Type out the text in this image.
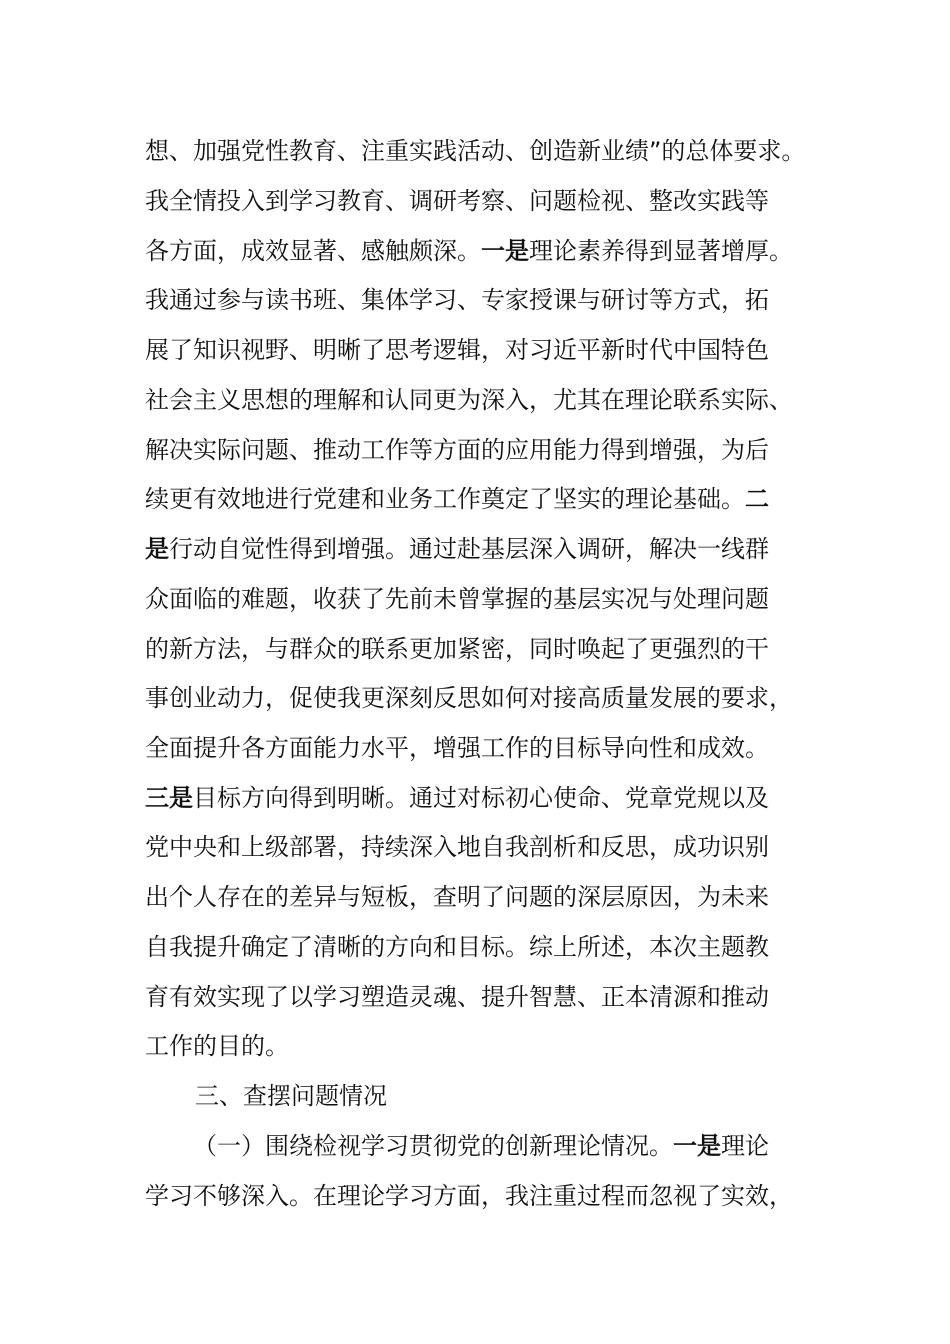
想、加强党性教育、注重实践活动、创造新业绩”的总体要求。
我全情投入到学习教育、调研考察、问题检视、整改实践等
各方面，成效显著、感触颇深。一是理论素养得到显著增厚。
我通过参与读书班、集体学习、专家授课与研讨等方式，拓
展了知识视野、明晰了思考逻辑，对习近平新时代中国特色
社会主义思想的理解和认同更为深入，尤其在理论联系实际、
解决实际问题、推动工作等方面的应用能力得到增强，为后
续更有效地进行党建和业务工作奠定了坚实的理论基础。二
是行动自觉性得到增强。通过赴基层深入调研，解决一线群
众面临的难题，收获了先前未曾掌握的基层实况与处理问题
的新方法，与群众的联系更加紧密，同时唤起了更强烈的干
事创业动力，促使我更深刻反思如何对接高质量发展的要求，
全面提升各方面能力水平，增强工作的目标导向性和成效。
三是目标方向得到明晰。通过对标初心使命、党章党规以及
党中央和上级部署，持续深入地自我剖析和反思，成功识别
出个人存在的差异与短板，查明了问题的深层原因，为未来
自我提升确定了清晰的方向和目标。综上所述，本次主题教
育有效实现了以学习塑造灵魂、提升智慧、正本清源和推动
工作的目的。
三、查摆问题情况
（一）围绕检视学习贯彻党的创新理论情况。一是理论
学习不够深入。在理论学习方面，我注重过程而忽视了实效，
